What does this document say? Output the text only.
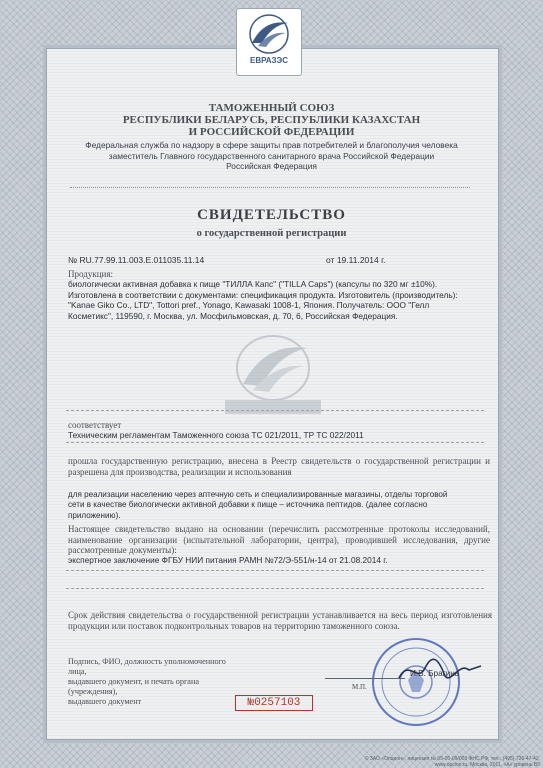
ЕВРАЗЭС
ТАМОЖЕННЫЙ СОЮЗ
РЕСПУБЛИКИ БЕЛАРУСЬ, РЕСПУБЛИКИ КАЗАХСТАН
И РОССИЙСКОЙ ФЕДЕРАЦИИ
Федеральная служба по надзору в сфере защиты прав потребителей и благополучия человека
заместитель Главного государственного санитарного врача Российской Федерации
Российская Федерация
СВИДЕТЕЛЬСТВО
о государственной регистрации
№ RU.77.99.11.003.E.011035.11.14	от 19.11.2014 г.
Продукция:
биологически активная добавка к пище "ТИЛЛА Капс" ("TILLA Caps") (капсулы по 320 мг ±10%).
Изготовлена в соответствии с документами: спецификация продукта. Изготовитель (производитель):
"Kanae Giko Co., LTD", Tottori pref., Yonago, Kawasaki 1008-1, Япония. Получатель: ООО "Гелл
Косметикс", 119590, г. Москва, ул. Мосфильмовская, д. 70, 6, Российская Федерация.
соответствует
Техническим регламентам Таможенного союза ТС 021/2011, ТР ТС 022/2011
прошла государственную регистрацию, внесена в Реестр свидетельств о государственной регистрации и разрешена для производства, реализации и использования
для реализации населению через аптечную сеть и специализированные магазины, отделы торговой
сети в качестве биологически активной добавки к пище – источника пептидов. (далее согласно
приложению).
Настоящее свидетельство выдано на основании (перечислить рассмотренные протоколы исследований, наименование организации (испытательной лаборатории, центра), проводившей исследования, другие рассмотренные документы):
экспертное заключение ФГБУ НИИ питания РАМН №72/Э-551/н-14 от 21.08.2014 г.
Срок действия свидетельства о государственной регистрации устанавливается на весь период изготовления продукции или поставок подконтрольных товаров на территорию таможенного союза.
Подпись, ФИО, должность уполномоченного лица,
выдавшего документ, и печать органа (учреждения),
выдавшего документ
И.В. Брагина
М.П.
№0257103
© ЗАО «Опцион», лицензия № 05-05-09/003 ФНС РФ, тел.: (495) 726-47-42, www.opcion.ru, Москва, 2011. «А» уровень В5
